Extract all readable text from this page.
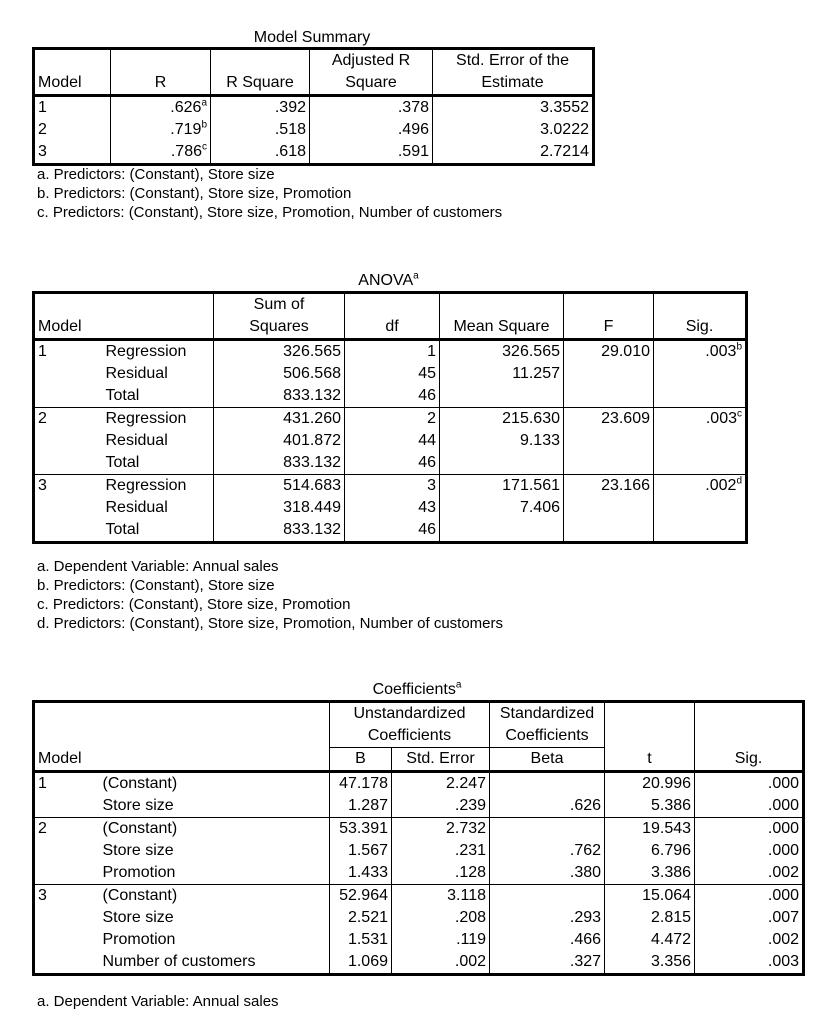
Model Summary
			Adjusted R	Std. Error of the
Model	R	R Square	Square	Estimate
1	.626$^a$	.392	.378	3.3552
2	.719$^b$	.518	.496	3.0222
3	.786$^c$	.618	.591	2.7214
a. Predictors: (Constant), Store size
b. Predictors: (Constant), Store size, Promotion
c. Predictors: (Constant), Store size, Promotion, Number of customers
ANOVA$^a$
		Sum of				
Model		Squares	df	Mean Square	F	Sig.
1	Regression	326.565	1	326.565	29.010	.003$^b$
	Residual	506.568	45	11.257		
	Total	833.132	46			
2	Regression	431.260	2	215.630	23.609	.003$^c$
	Residual	401.872	44	9.133		
	Total	833.132	46			
3	Regression	514.683	3	171.561	23.166	.002$^d$
	Residual	318.449	43	7.406		
	Total	833.132	46			
a. Dependent Variable: Annual sales
b. Predictors: (Constant), Store size
c. Predictors: (Constant), Store size, Promotion
d. Predictors: (Constant), Store size, Promotion, Number of customers
Coefficients$^a$
		Unstandardized		Standardized		
		Coefficients		Coefficients		
Model		B	Std. Error	Beta	t	Sig.
1	(Constant)	47.178	2.247		20.996	.000
	Store size	1.287	.239	.626	5.386	.000
2	(Constant)	53.391	2.732		19.543	.000
	Store size	1.567	.231	.762	6.796	.000
	Promotion	1.433	.128	.380	3.386	.002
3	(Constant)	52.964	3.118		15.064	.000
	Store size	2.521	.208	.293	2.815	.007
	Promotion	1.531	.119	.466	4.472	.002
	Number of customers	1.069	.002	.327	3.356	.003
a. Dependent Variable: Annual sales
